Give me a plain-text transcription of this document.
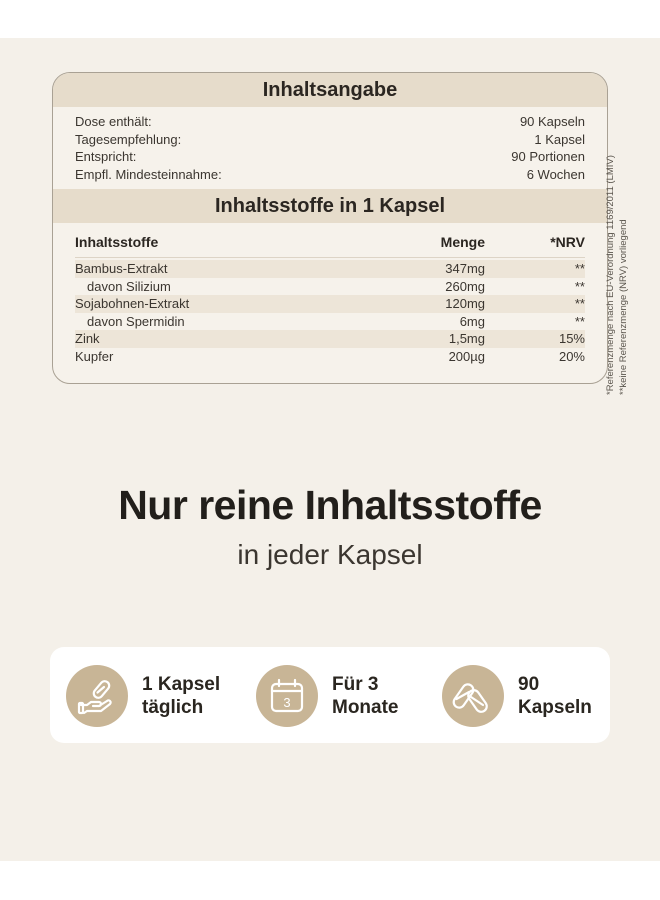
Inhaltsangabe
Dose enthält:	90 Kapseln
Tagesempfehlung:	1 Kapsel
Entspricht:	90 Portionen
Empfl. Mindesteinnahme:	6 Wochen
Inhaltsstoffe in 1 Kapsel
Inhaltsstoffe	Menge	*NRV
Bambus-Extrakt	347mg	**
davon Silizium	260mg	**
Sojabohnen-Extrakt	120mg	**
davon Spermidin	6mg	**
Zink	1,5mg	15%
Kupfer	200µg	20% *Referenzmenge nach EU-Verordnung 1169/2011 (LMIV) **keine Referenzmenge (NRV) vorliegend
Nur reine Inhaltsstoffe
in jeder Kapsel
1 Kapsel
täglich	3
Für 3
Monate
90
Kapseln
